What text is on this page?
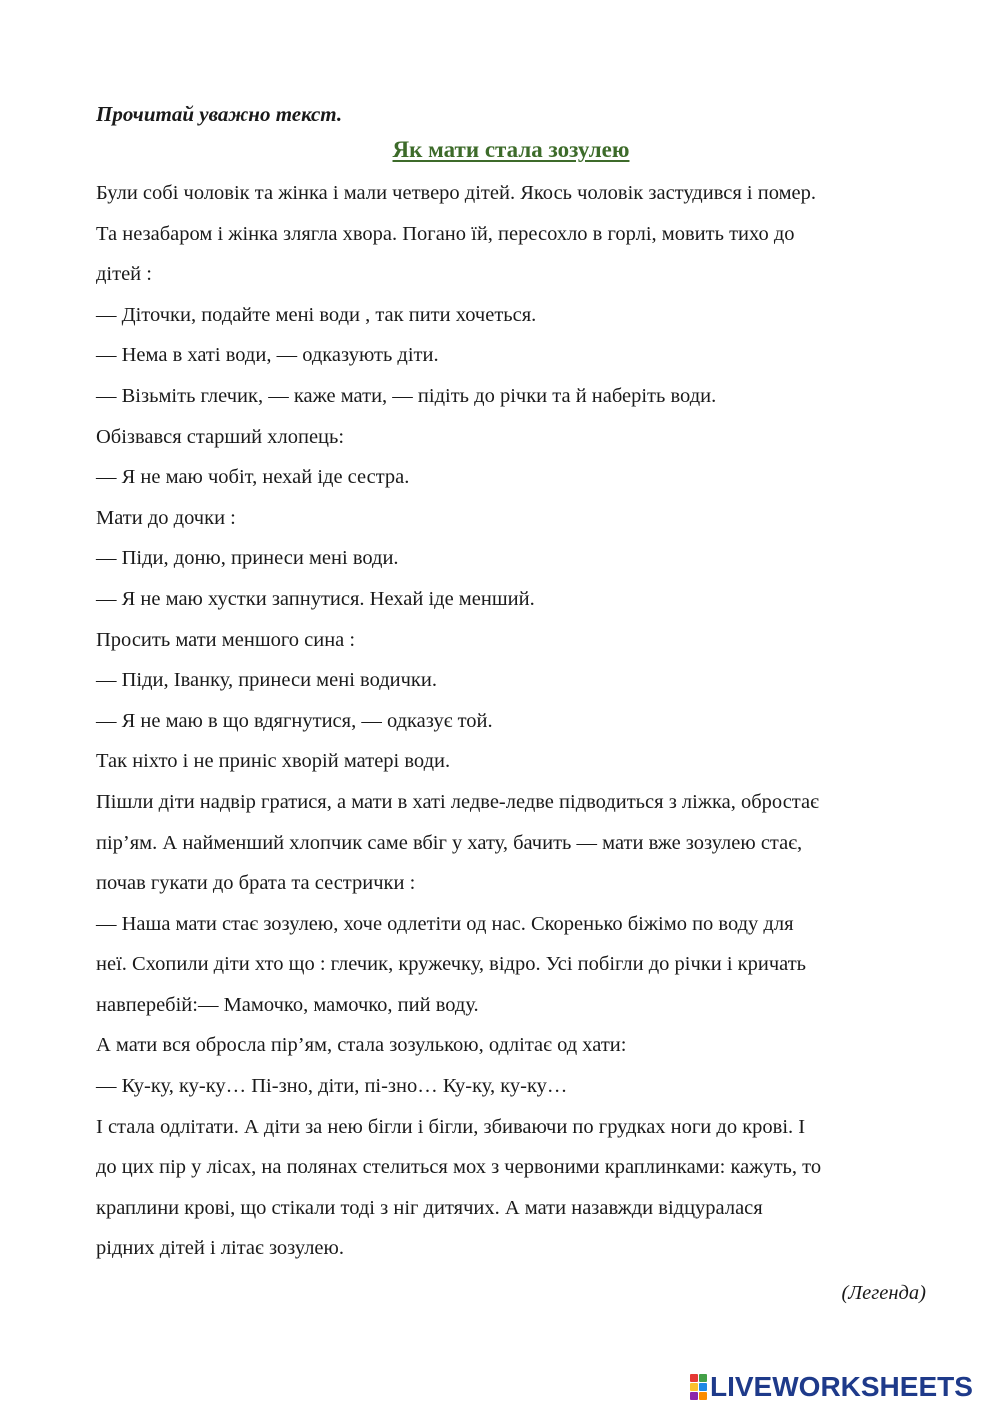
Прочитай уважно текст.

Як мати стала зозулею

Були собі чоловік та жінка і мали четверо дітей. Якось чоловік застудився і помер.

Та незабаром і жінка злягла хвора. Погано їй, пересохло в горлі, мовить тихо до

дітей :

― Діточки, подайте мені води , так пити хочеться.

― Нема в хаті води, ― одказують діти.

― Візьміть глечик, ― каже мати, ― підіть до річки та й наберіть води.

Обізвався старший хлопець:

― Я не маю чобіт, нехай іде сестра.

Мати до дочки :

― Піди, доню, принеси мені води.

― Я не маю хустки запнутися. Нехай іде менший.

Просить мати меншого сина :

― Піди, Іванку, принеси мені водички.

― Я не маю в що вдягнутися, ― одказує той.

Так ніхто і не приніс хворій матері води.

Пішли діти надвір гратися, а мати в хаті ледве-ледве підводиться з ліжка, обростає

пір’ям. А найменший хлопчик саме вбіг у хату, бачить ― мати вже зозулею стає,

почав гукати до брата та сестрички :

― Наша мати стає зозулею, хоче одлетіти од нас. Скоренько біжімо по воду для

неї. Схопили діти хто що : глечик, кружечку, відро. Усі побігли до річки і кричать

навперебій:― Мамочко, мамочко, пий воду.

А мати вся обросла пір’ям, стала зозулькою, одлітає од хати:

― Ку-ку, ку-ку… Пі-зно, діти, пі-зно… Ку-ку, ку-ку…

І стала одлітати. А діти за нею бігли і бігли, збиваючи по грудках ноги до крові. І

до цих пір у лісах, на полянах стелиться мох з червоними краплинками: кажуть, то

краплини крові, що стікали тоді з ніг дитячих. А мати назавжди відцуралася

рідних дітей і літає зозулею.

(Легенда)

LIVEWORKSHEETS
